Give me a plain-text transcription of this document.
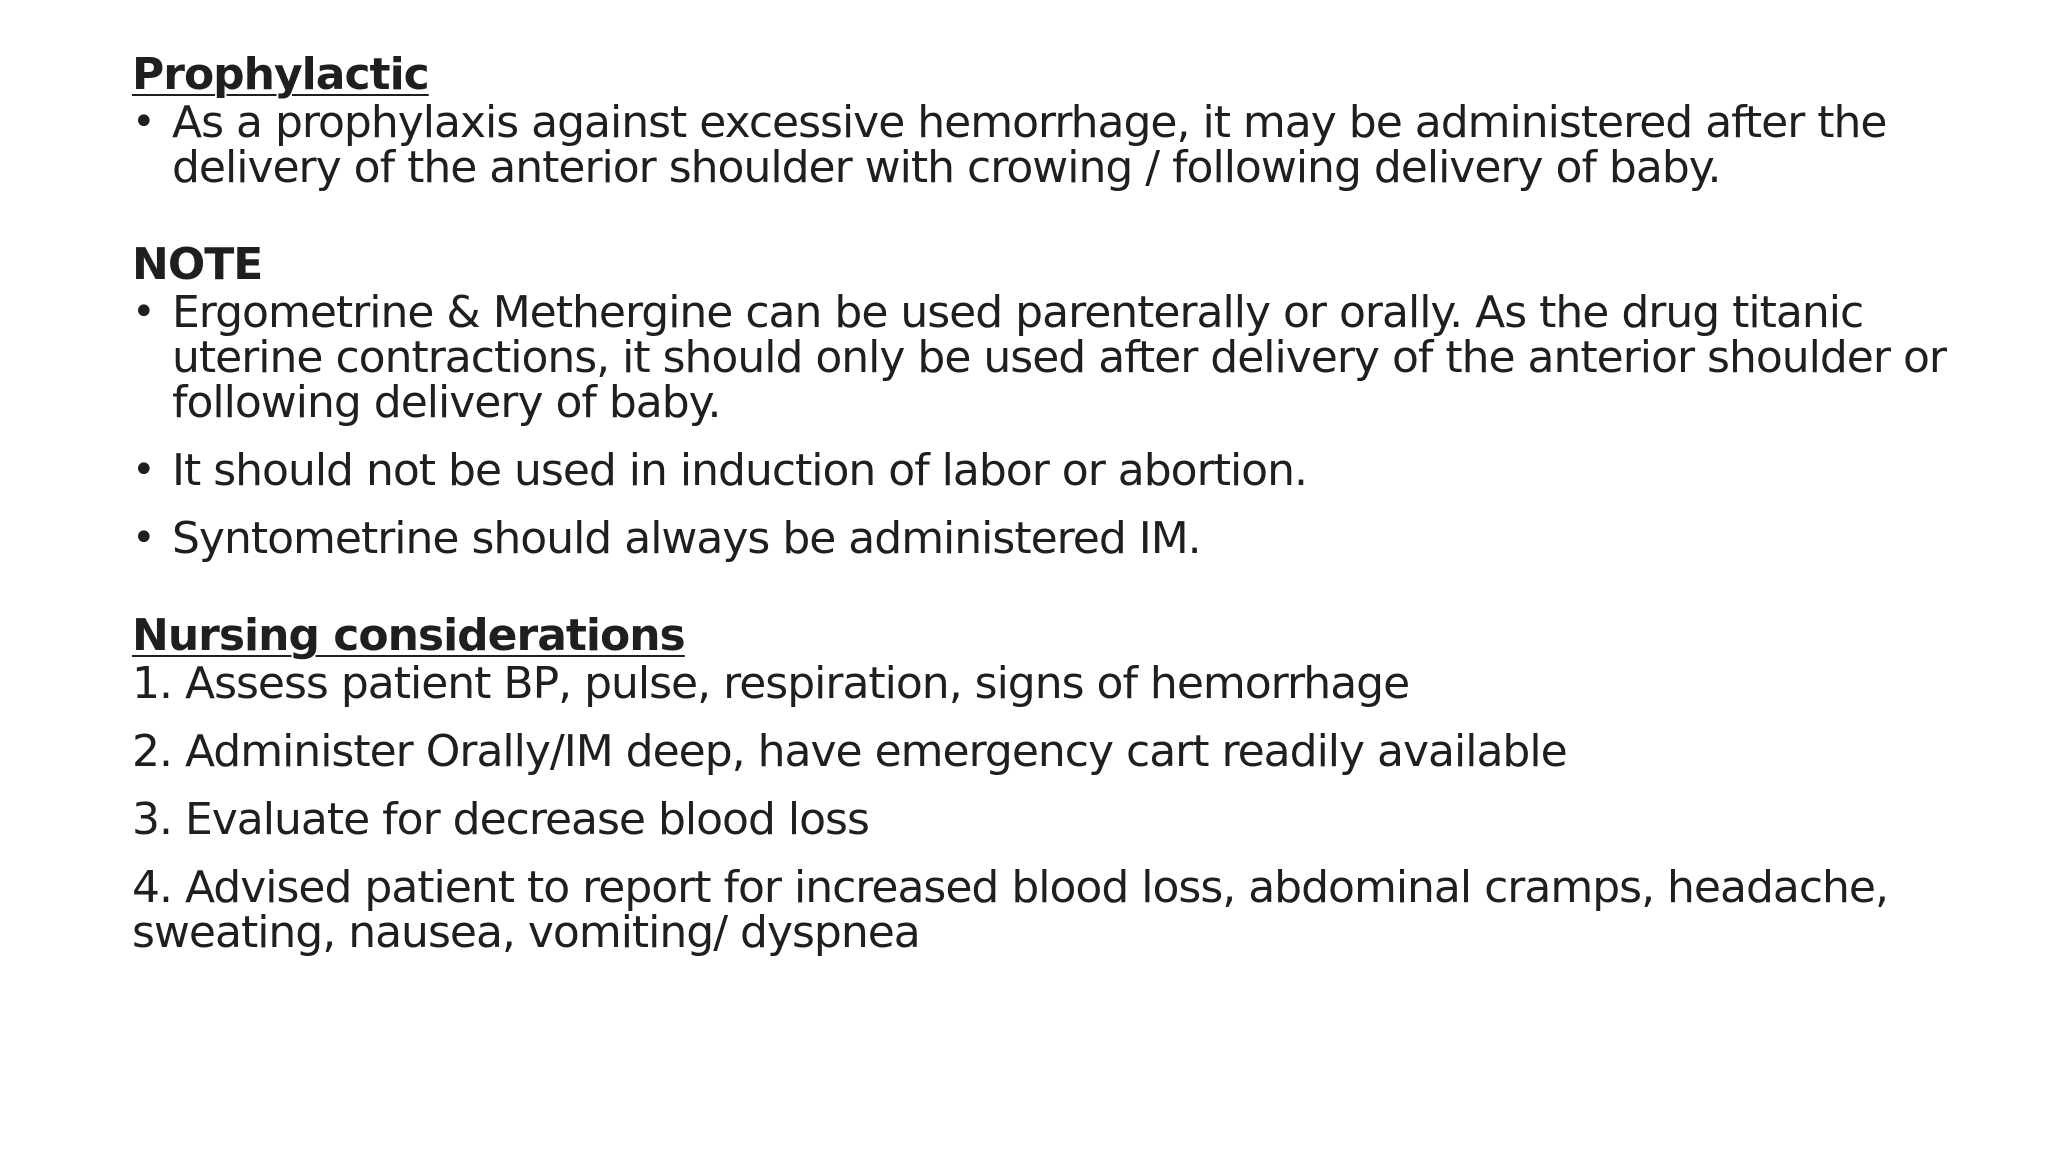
Prophylactic
• As a prophylaxis against excessive hemorrhage, it may be administered after the delivery of the anterior shoulder with crowing / following delivery of baby.
NOTE
• Ergometrine & Methergine can be used parenterally or orally. As the drug titanic uterine contractions, it should only be used after delivery of the anterior shoulder or following delivery of baby.
• It should not be used in induction of labor or abortion.
• Syntometrine should always be administered IM.
Nursing considerations
1. Assess patient BP, pulse, respiration, signs of hemorrhage
2. Administer Orally/IM deep, have emergency cart readily available
3. Evaluate for decrease blood loss
4. Advised patient to report for increased blood loss, abdominal cramps, headache, sweating, nausea, vomiting/ dyspnea
